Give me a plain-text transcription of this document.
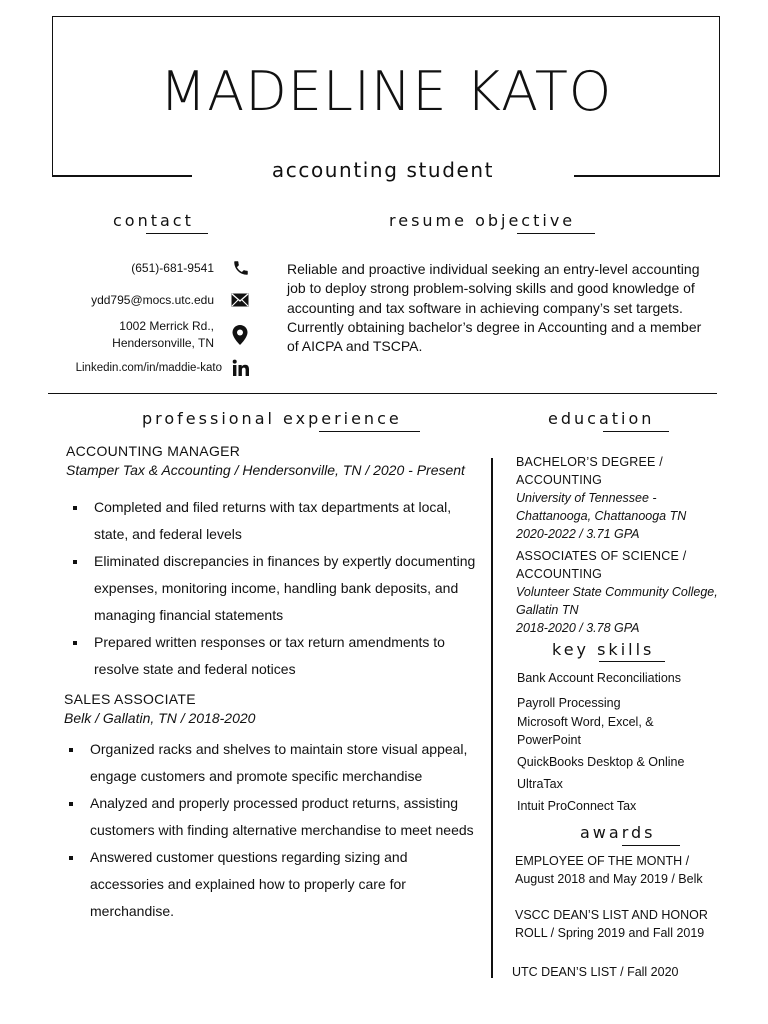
MADELINE KATO
accounting student
contact
(651)-681-9541
ydd795@mocs.utc.edu
1002 Merrick Rd.,
Hendersonville, TN
Linkedin.com/in/maddie-kato
resume objective
Reliable and proactive individual seeking an entry-level accounting job to deploy strong problem-solving skills and good knowledge of accounting and tax software in achieving company’s set targets. Currently obtaining bachelor’s degree in Accounting and a member of AICPA and TSCPA.
professional experience
ACCOUNTING MANAGER
Stamper Tax & Accounting / Hendersonville, TN / 2020 - Present
Completed and filed returns with tax departments at local, state, and federal levels
Eliminated discrepancies in finances by expertly documenting expenses, monitoring income, handling bank deposits, and managing financial statements
Prepared written responses or tax return amendments to resolve state and federal notices
SALES ASSOCIATE
Belk / Gallatin, TN / 2018-2020
Organized racks and shelves to maintain store visual appeal, engage customers and promote specific merchandise
Analyzed and properly processed product returns, assisting customers with finding alternative merchandise to meet needs
Answered customer questions regarding sizing and accessories and explained how to properly care for merchandise.
education
BACHELOR’S DEGREE / ACCOUNTING
University of Tennessee - Chattanooga, Chattanooga TN
2020-2022 / 3.71 GPA
ASSOCIATES OF SCIENCE / ACCOUNTING
Volunteer State Community College, Gallatin TN
2018-2020 / 3.78 GPA
key skills
Bank Account Reconciliations
Payroll Processing
Microsoft Word, Excel, & PowerPoint
QuickBooks Desktop & Online
UltraTax
Intuit ProConnect Tax
awards
EMPLOYEE OF THE MONTH / August 2018 and May 2019 / Belk
VSCC DEAN’S LIST AND HONOR ROLL / Spring 2019 and Fall 2019
UTC DEAN’S LIST / Fall 2020
